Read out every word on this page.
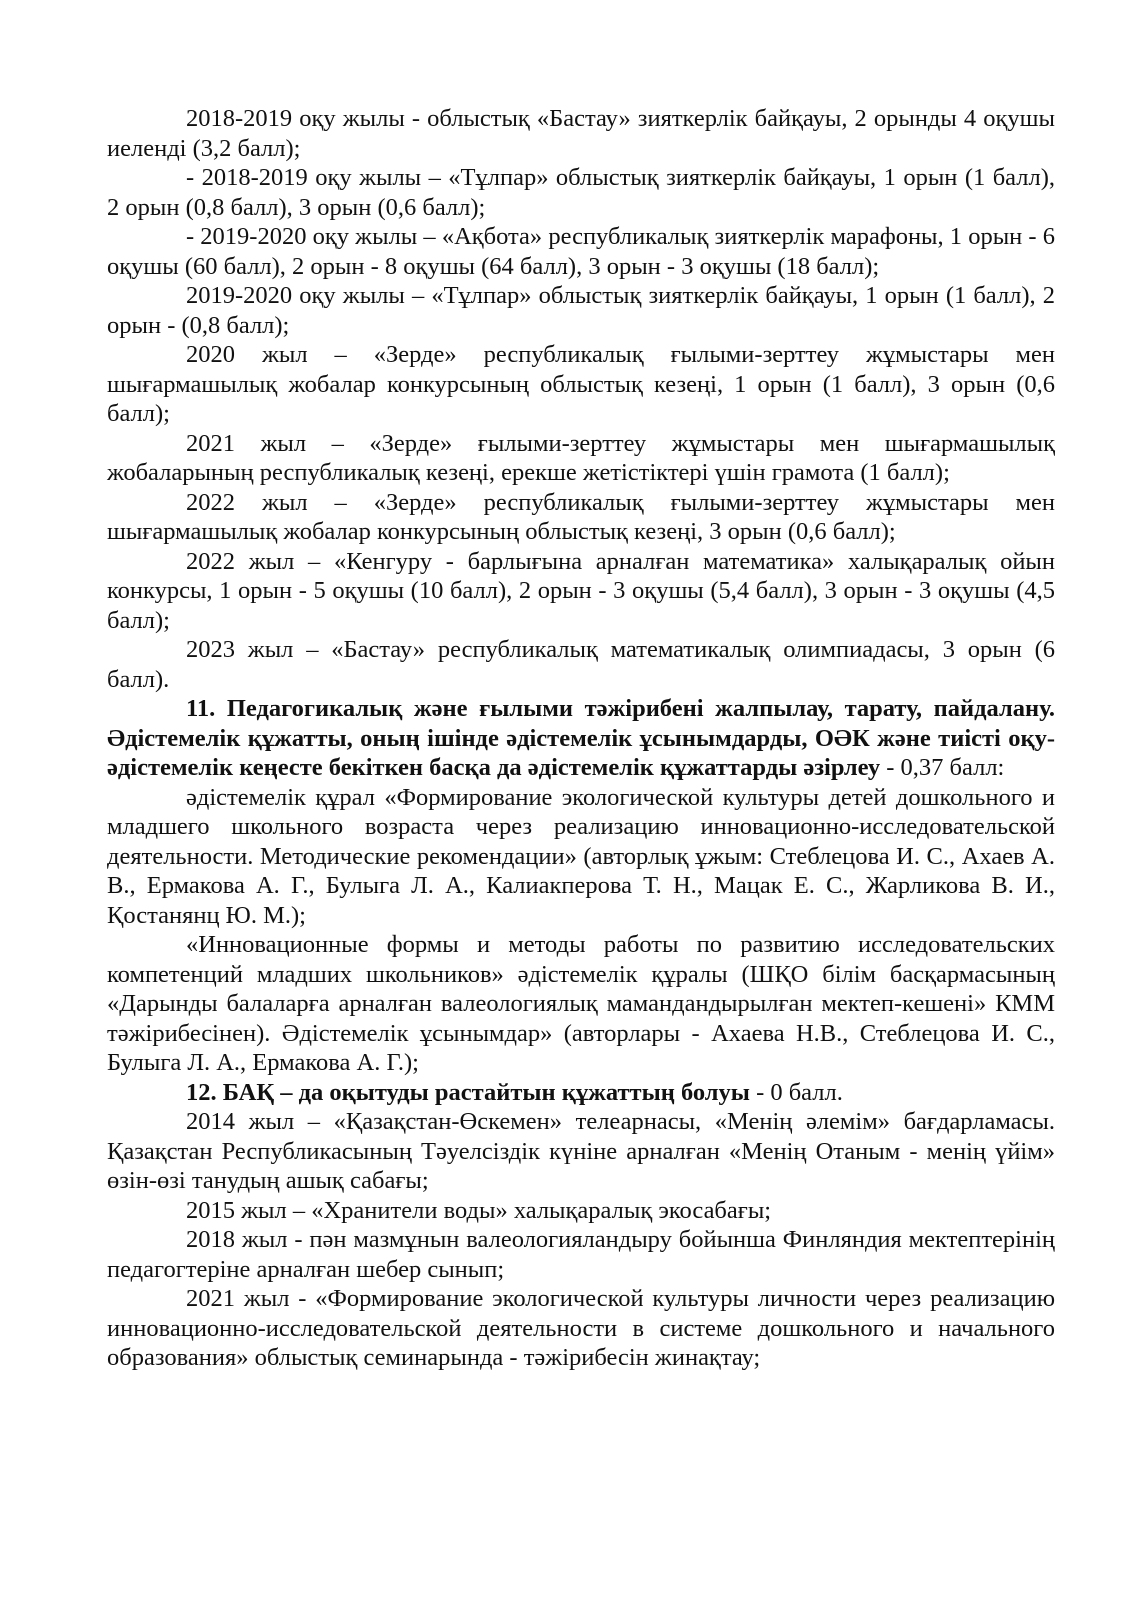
2018-2019 оқу жылы - облыстық «Бастау» зияткерлік байқауы, 2 орынды 4 оқушы иеленді (3,2 балл);

- 2018-2019 оқу жылы – «Тұлпар» облыстық зияткерлік байқауы, 1 орын (1 балл), 2 орын (0,8 балл), 3 орын (0,6 балл);

- 2019-2020 оқу жылы – «Ақбота» республикалық зияткерлік марафоны, 1 орын - 6 оқушы (60 балл), 2 орын - 8 оқушы (64 балл), 3 орын - 3 оқушы (18 балл);

2019-2020 оқу жылы – «Тұлпар» облыстық зияткерлік байқауы, 1 орын (1 балл), 2 орын - (0,8 балл);

2020 жыл – «Зерде» республикалық ғылыми-зерттеу жұмыстары мен шығармашылық жобалар конкурсының облыстық кезеңі, 1 орын (1 балл), 3 орын (0,6 балл);

2021 жыл – «Зерде» ғылыми-зерттеу жұмыстары мен шығармашылық жобаларының республикалық кезеңі, ерекше жетістіктері үшін грамота (1 балл);

2022 жыл – «Зерде» республикалық ғылыми-зерттеу жұмыстары мен шығармашылық жобалар конкурсының облыстық кезеңі, 3 орын (0,6 балл);

2022 жыл – «Кенгуру - барлығына арналған математика» халықаралық ойын конкурсы, 1 орын - 5 оқушы (10 балл), 2 орын - 3 оқушы (5,4 балл), 3 орын - 3 оқушы (4,5 балл);

2023 жыл – «Бастау» республикалық математикалық олимпиадасы, 3 орын (6 балл).

11. Педагогикалық және ғылыми тәжірибені жалпылау, тарату, пайдалану. Әдістемелік құжатты, оның ішінде әдістемелік ұсынымдарды, ОӘК және тиісті оқу-әдістемелік кеңесте бекіткен басқа да әдістемелік құжаттарды әзірлеу - 0,37 балл:

әдістемелік құрал «Формирование экологической культуры детей дошкольного и младшего школьного возраста через реализацию инновационно-исследовательской деятельности. Методические рекомендации» (авторлық ұжым: Стеблецова И. С., Ахаев А. В., Ермакова А. Г., Булыга Л. А., Калиакперова Т. Н., Мацак Е. С., Жарликова В. И., Қостанянц Ю. М.);

«Инновационные формы и методы работы по развитию исследовательских компетенций младших школьников» әдістемелік құралы (ШҚО білім басқармасының «Дарынды балаларға арналған валеологиялық мамандандырылған мектеп-кешені» КММ тәжірибесінен). Әдістемелік ұсынымдар» (авторлары - Ахаева Н.В., Стеблецова И. С., Булыга Л. А., Ермакова А. Г.);

12. БАҚ – да оқытуды растайтын құжаттың болуы - 0 балл.

2014 жыл – «Қазақстан-Өскемен» телеарнасы, «Менің әлемім» бағдарламасы. Қазақстан Республикасының Тәуелсіздік күніне арналған «Менің Отаным - менің үйім» өзін-өзі танудың ашық сабағы;

2015 жыл – «Хранители воды» халықаралық экосабағы;

2018 жыл - пән мазмұнын валеологияландыру бойынша Финляндия мектептерінің педагогтеріне арналған шебер сынып;

2021 жыл - «Формирование экологической культуры личности через реализацию инновационно-исследовательской деятельности в системе дошкольного и начального образования» облыстық семинарында - тәжірибесін жинақтау;
